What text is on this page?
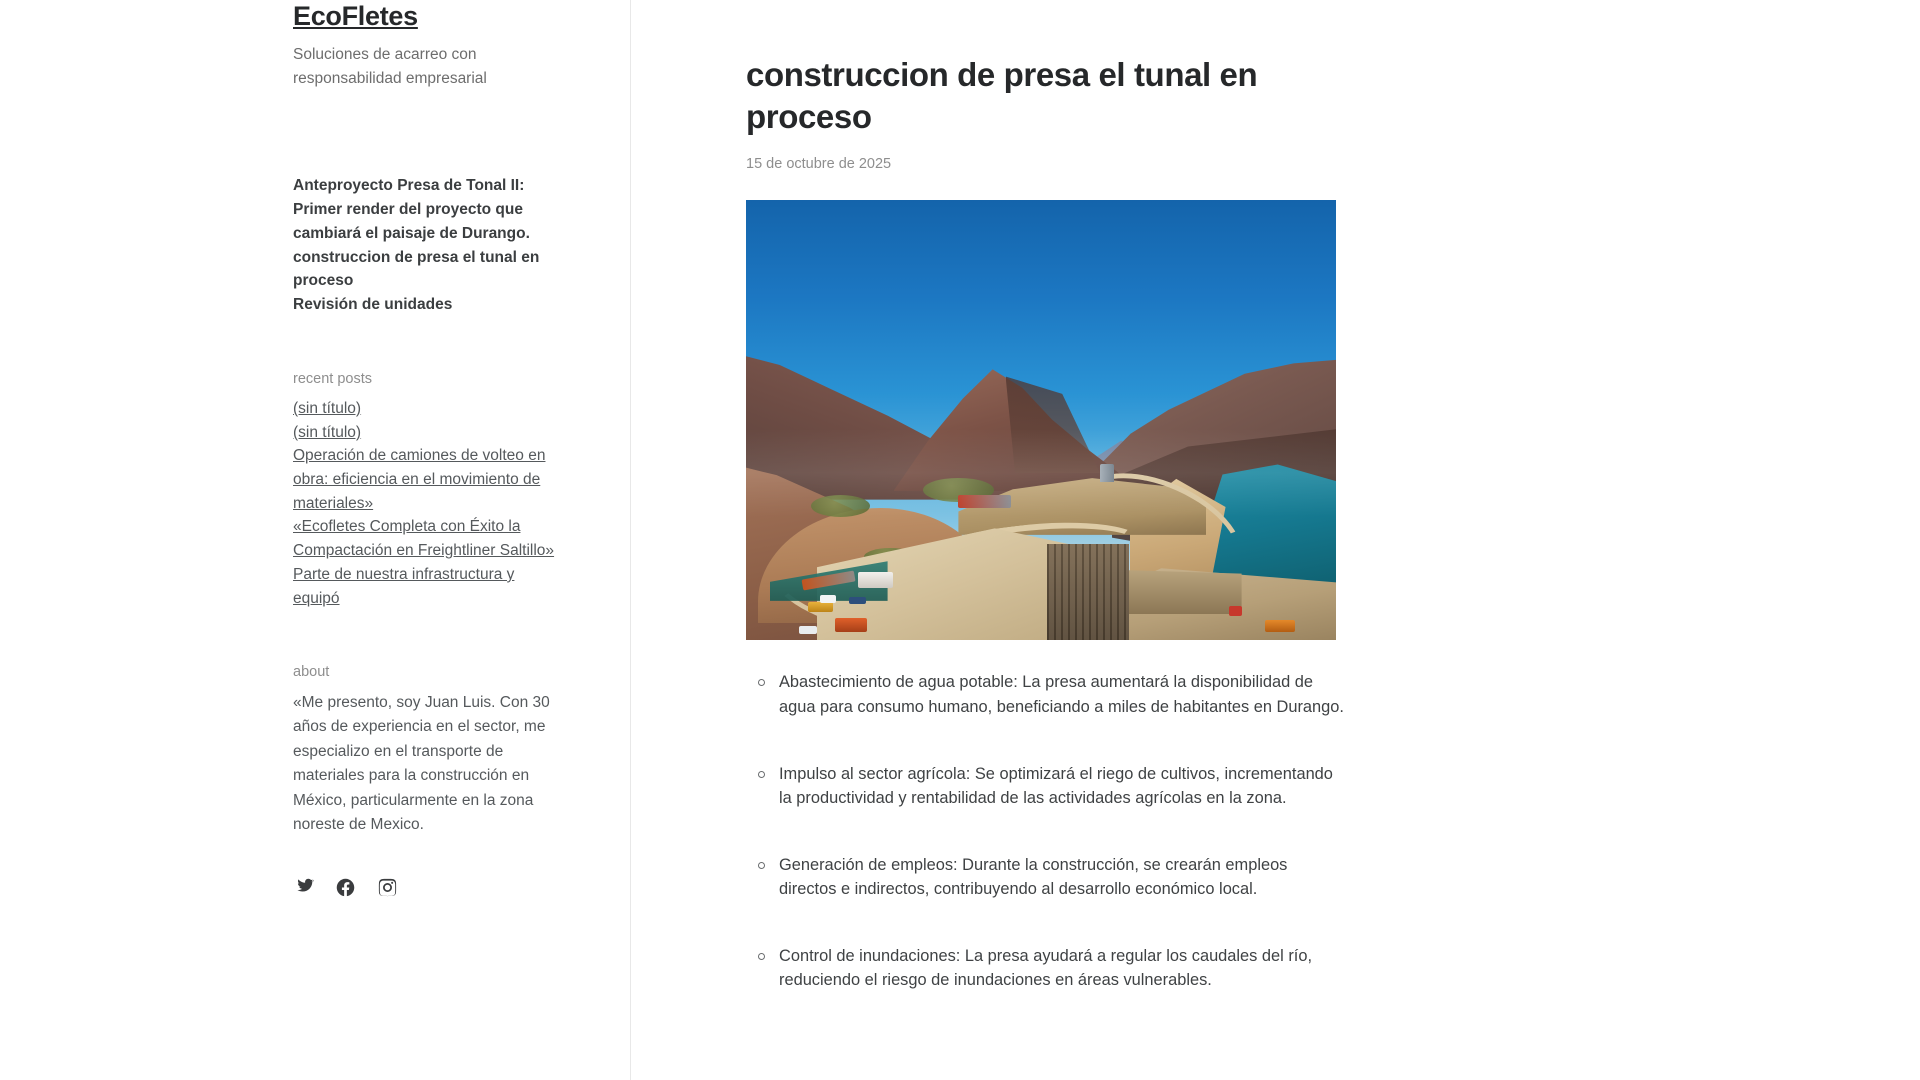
EcoFletes
Soluciones de acarreo con responsabilidad empresarial
Anteproyecto Presa de Tonal II: Primer render del proyecto que cambiará el paisaje de Durango.
construccion de presa el tunal en proceso
Revisión de unidades
recent posts
(sin título)
(sin título)
Operación de camiones de volteo en obra: eficiencia en el movimiento de materiales»
«Ecofletes Completa con Éxito la Compactación en Freightliner Saltillo»
Parte de nuestra infrastructura y equipó
about

«Me presento, soy Juan Luis. Con 30 años de experiencia en el sector, me especializo en el transporte de materiales para la construcción en México, particularmente en la zona noreste de Mexico.

construccion de presa el tunal en proceso
15 de octubre de 2025
Abastecimiento de agua potable: La presa aumentará la disponibilidad de agua para consumo humano, beneficiando a miles de habitantes en Durango.
Impulso al sector agrícola: Se optimizará el riego de cultivos, incrementando la productividad y rentabilidad de las actividades agrícolas en la zona.
Generación de empleos: Durante la construcción, se crearán empleos directos e indirectos, contribuyendo al desarrollo económico local.
Control de inundaciones: La presa ayudará a regular los caudales del río, reduciendo el riesgo de inundaciones en áreas vulnerables.
